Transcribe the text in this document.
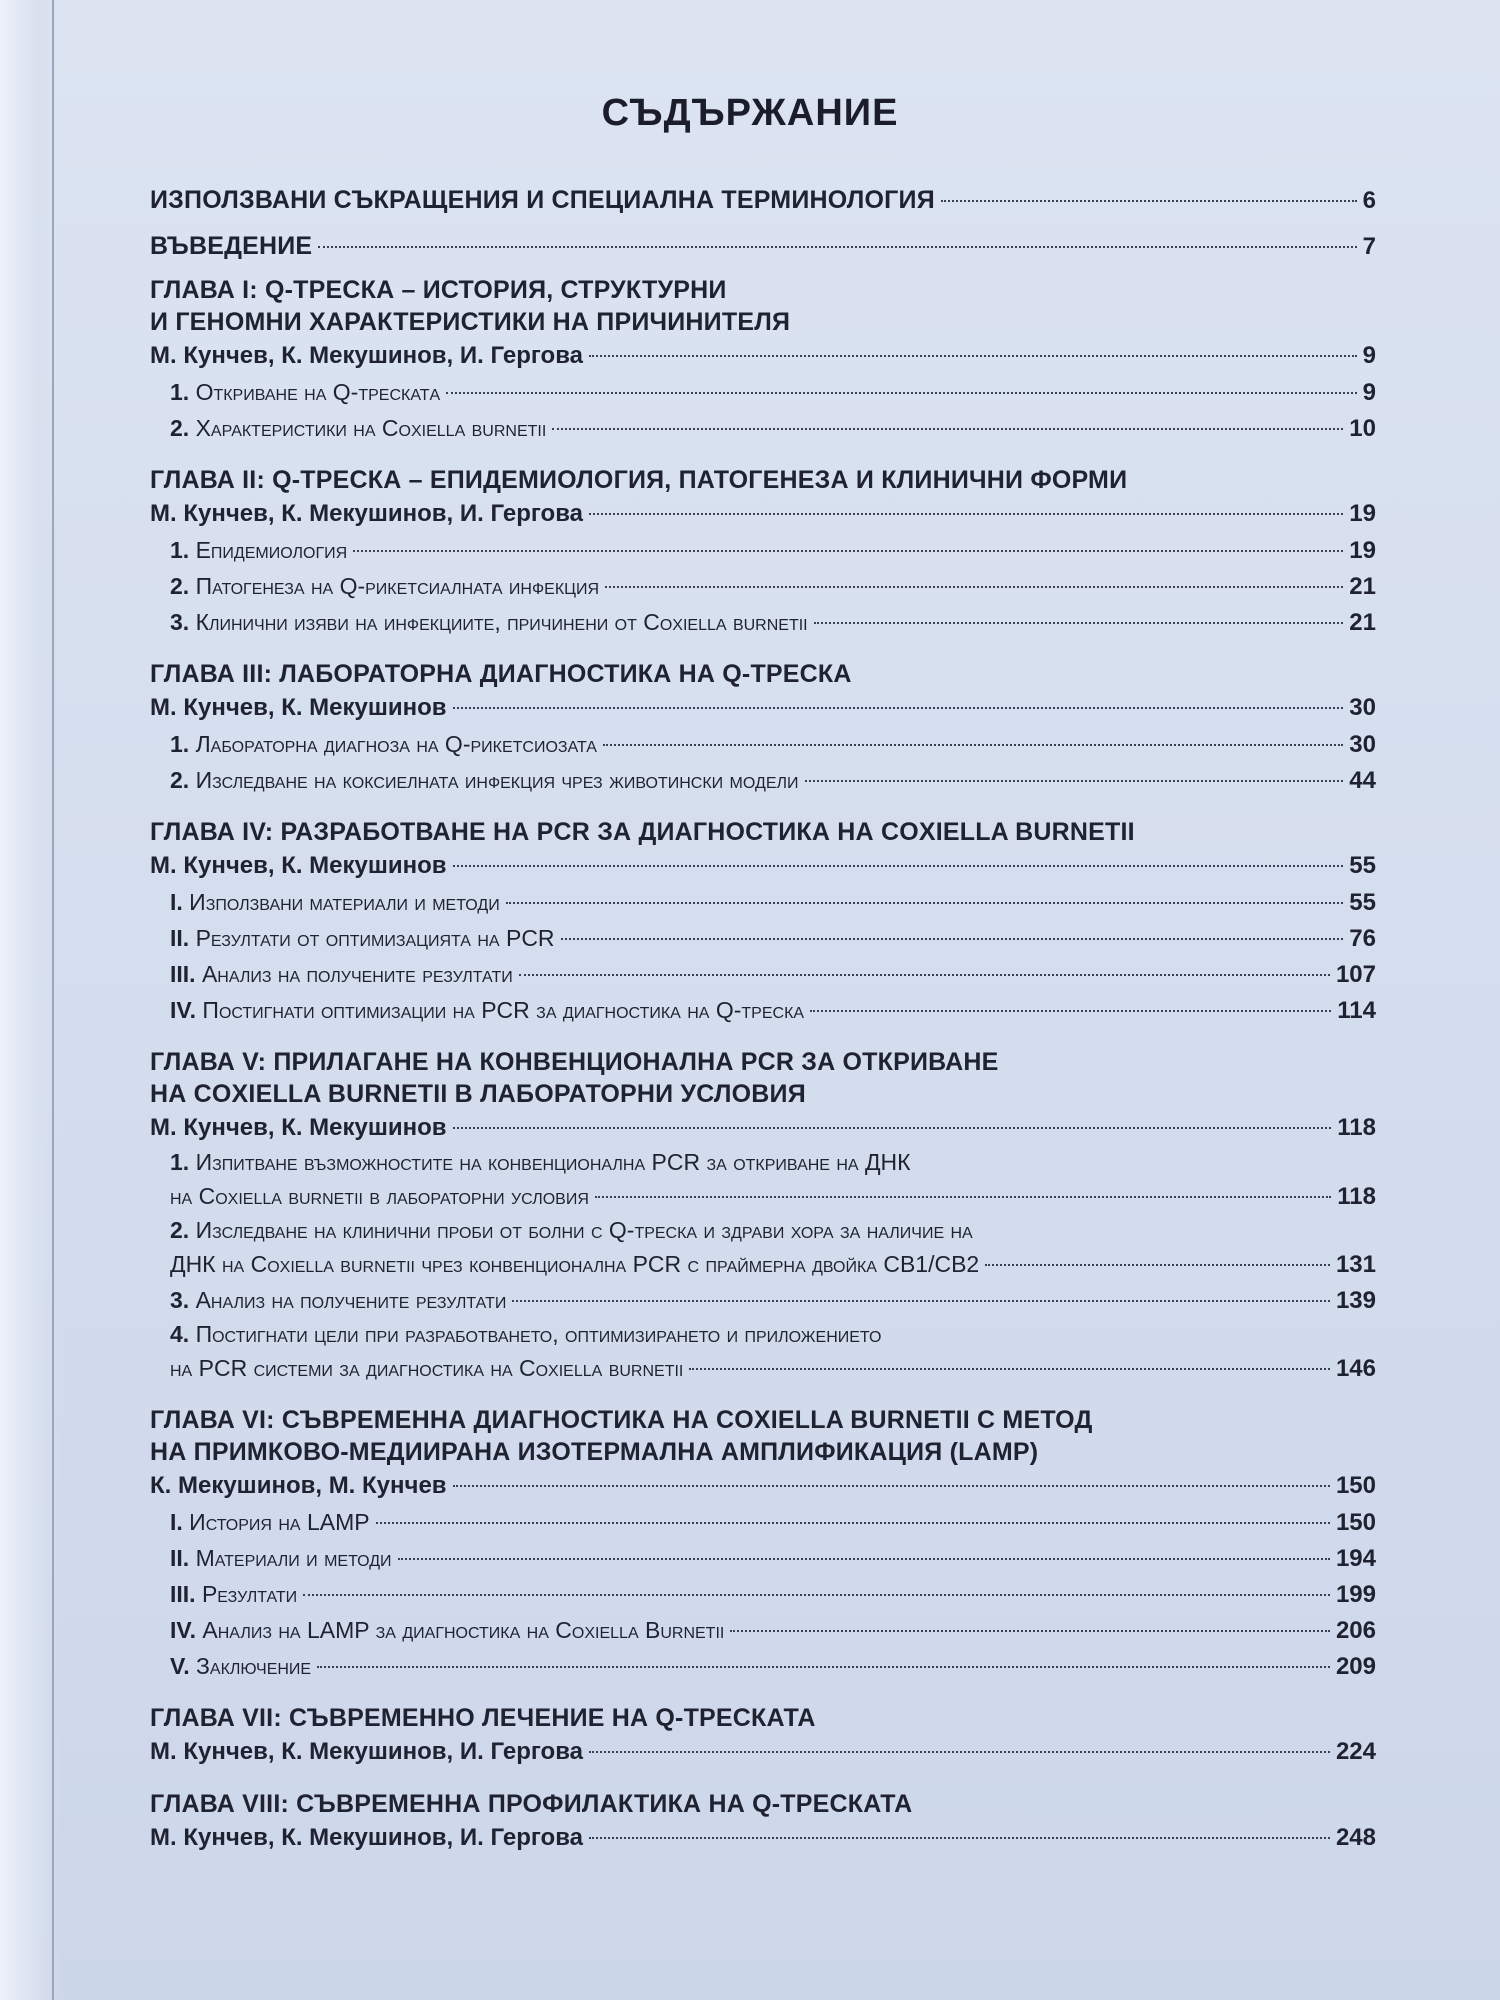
СЪДЪРЖАНИЕ
ИЗПОЛЗВАНИ СЪКРАЩЕНИЯ И СПЕЦИАЛНА ТЕРМИНОЛОГИЯ	6
ВЪВЕДЕНИЕ	7
ГЛАВА I: Q-ТРЕСКА – ИСТОРИЯ, СТРУКТУРНИ
И ГЕНОМНИ ХАРАКТЕРИСТИКИ НА ПРИЧИНИТЕЛЯ
М. Кунчев, К. Мекушинов, И. Гергова	9
1. Откриване на Q-трескатa	9
2. Характеристики на Coxiella burnetii	10
ГЛАВА II: Q-ТРЕСКА – ЕПИДЕМИОЛОГИЯ, ПАТОГЕНЕЗА И КЛИНИЧНИ ФОРМИ
М. Кунчев, К. Мекушинов, И. Гергова	19
1. Епидемиология	19
2. Патогенеза на Q-рикетсиалната инфекция	21
3. Клинични изяви на инфекциите, причинени от Coxiella burnetii	21
ГЛАВА III: ЛАБОРАТОРНА ДИАГНОСТИКА НА Q-ТРЕСКА
М. Кунчев, К. Мекушинов	30
1. Лабораторна диагноза на Q-рикетсиозата	30
2. Изследване на коксиелната инфекция чрез животински модели	44
ГЛАВА IV: РАЗРАБОТВАНЕ НА PCR ЗА ДИАГНОСТИКА НА COXIELLA BURNETII
М. Кунчев, К. Мекушинов	55
I. Използвани материали и методи	55
II. Резултати от оптимизацията на PCR	76
III. Анализ на получените резултати	107
IV. Постигнати оптимизации на PCR за диагностика на Q-треска	114
ГЛАВА V: ПРИЛАГАНЕ НА КОНВЕНЦИОНАЛНА PCR ЗА ОТКРИВАНЕ
НА COXIELLA BURNETII В ЛАБОРАТОРНИ УСЛОВИЯ
М. Кунчев, К. Мекушинов	118
1. Изпитване възможностите на конвенционална PCR за откриване на ДНК
на Coxiella burnetii в лабораторни условия	118
2. Изследване на клинични проби от болни с Q-треска и здрави хора за наличие на
ДНК на Coxiella burnetii чрез конвенционална PCR с праймерна двойка CB1/CB2	131
3. Анализ на получените резултати	139
4. Постигнати цели при разработването, оптимизирането и приложението
на PCR системи за диагностика на Coxiella burnetii	146
ГЛАВА VI: СЪВРЕМЕННА ДИАГНОСТИКА НА COXIELLA BURNETII С МЕТОД
НА ПРИМКОВО-МЕДИИРАНА ИЗОТЕРМАЛНА АМПЛИФИКАЦИЯ (LAMP)
К. Мекушинов, М. Кунчев	150
I. История на LAMP	150
II. Материали и методи	194
III. Резултати	199
IV. Анализ на LAMP за диагностика на Coxiella Burnetii	206
V. Заключение	209
ГЛАВА VII: СЪВРЕМЕННО ЛЕЧЕНИЕ НА Q-ТРЕСКАТА
М. Кунчев, К. Мекушинов, И. Гергова	224
ГЛАВА VIII: СЪВРЕМЕННА ПРОФИЛАКТИКА НА Q-ТРЕСКАТА
М. Кунчев, К. Мекушинов, И. Гергова	248
